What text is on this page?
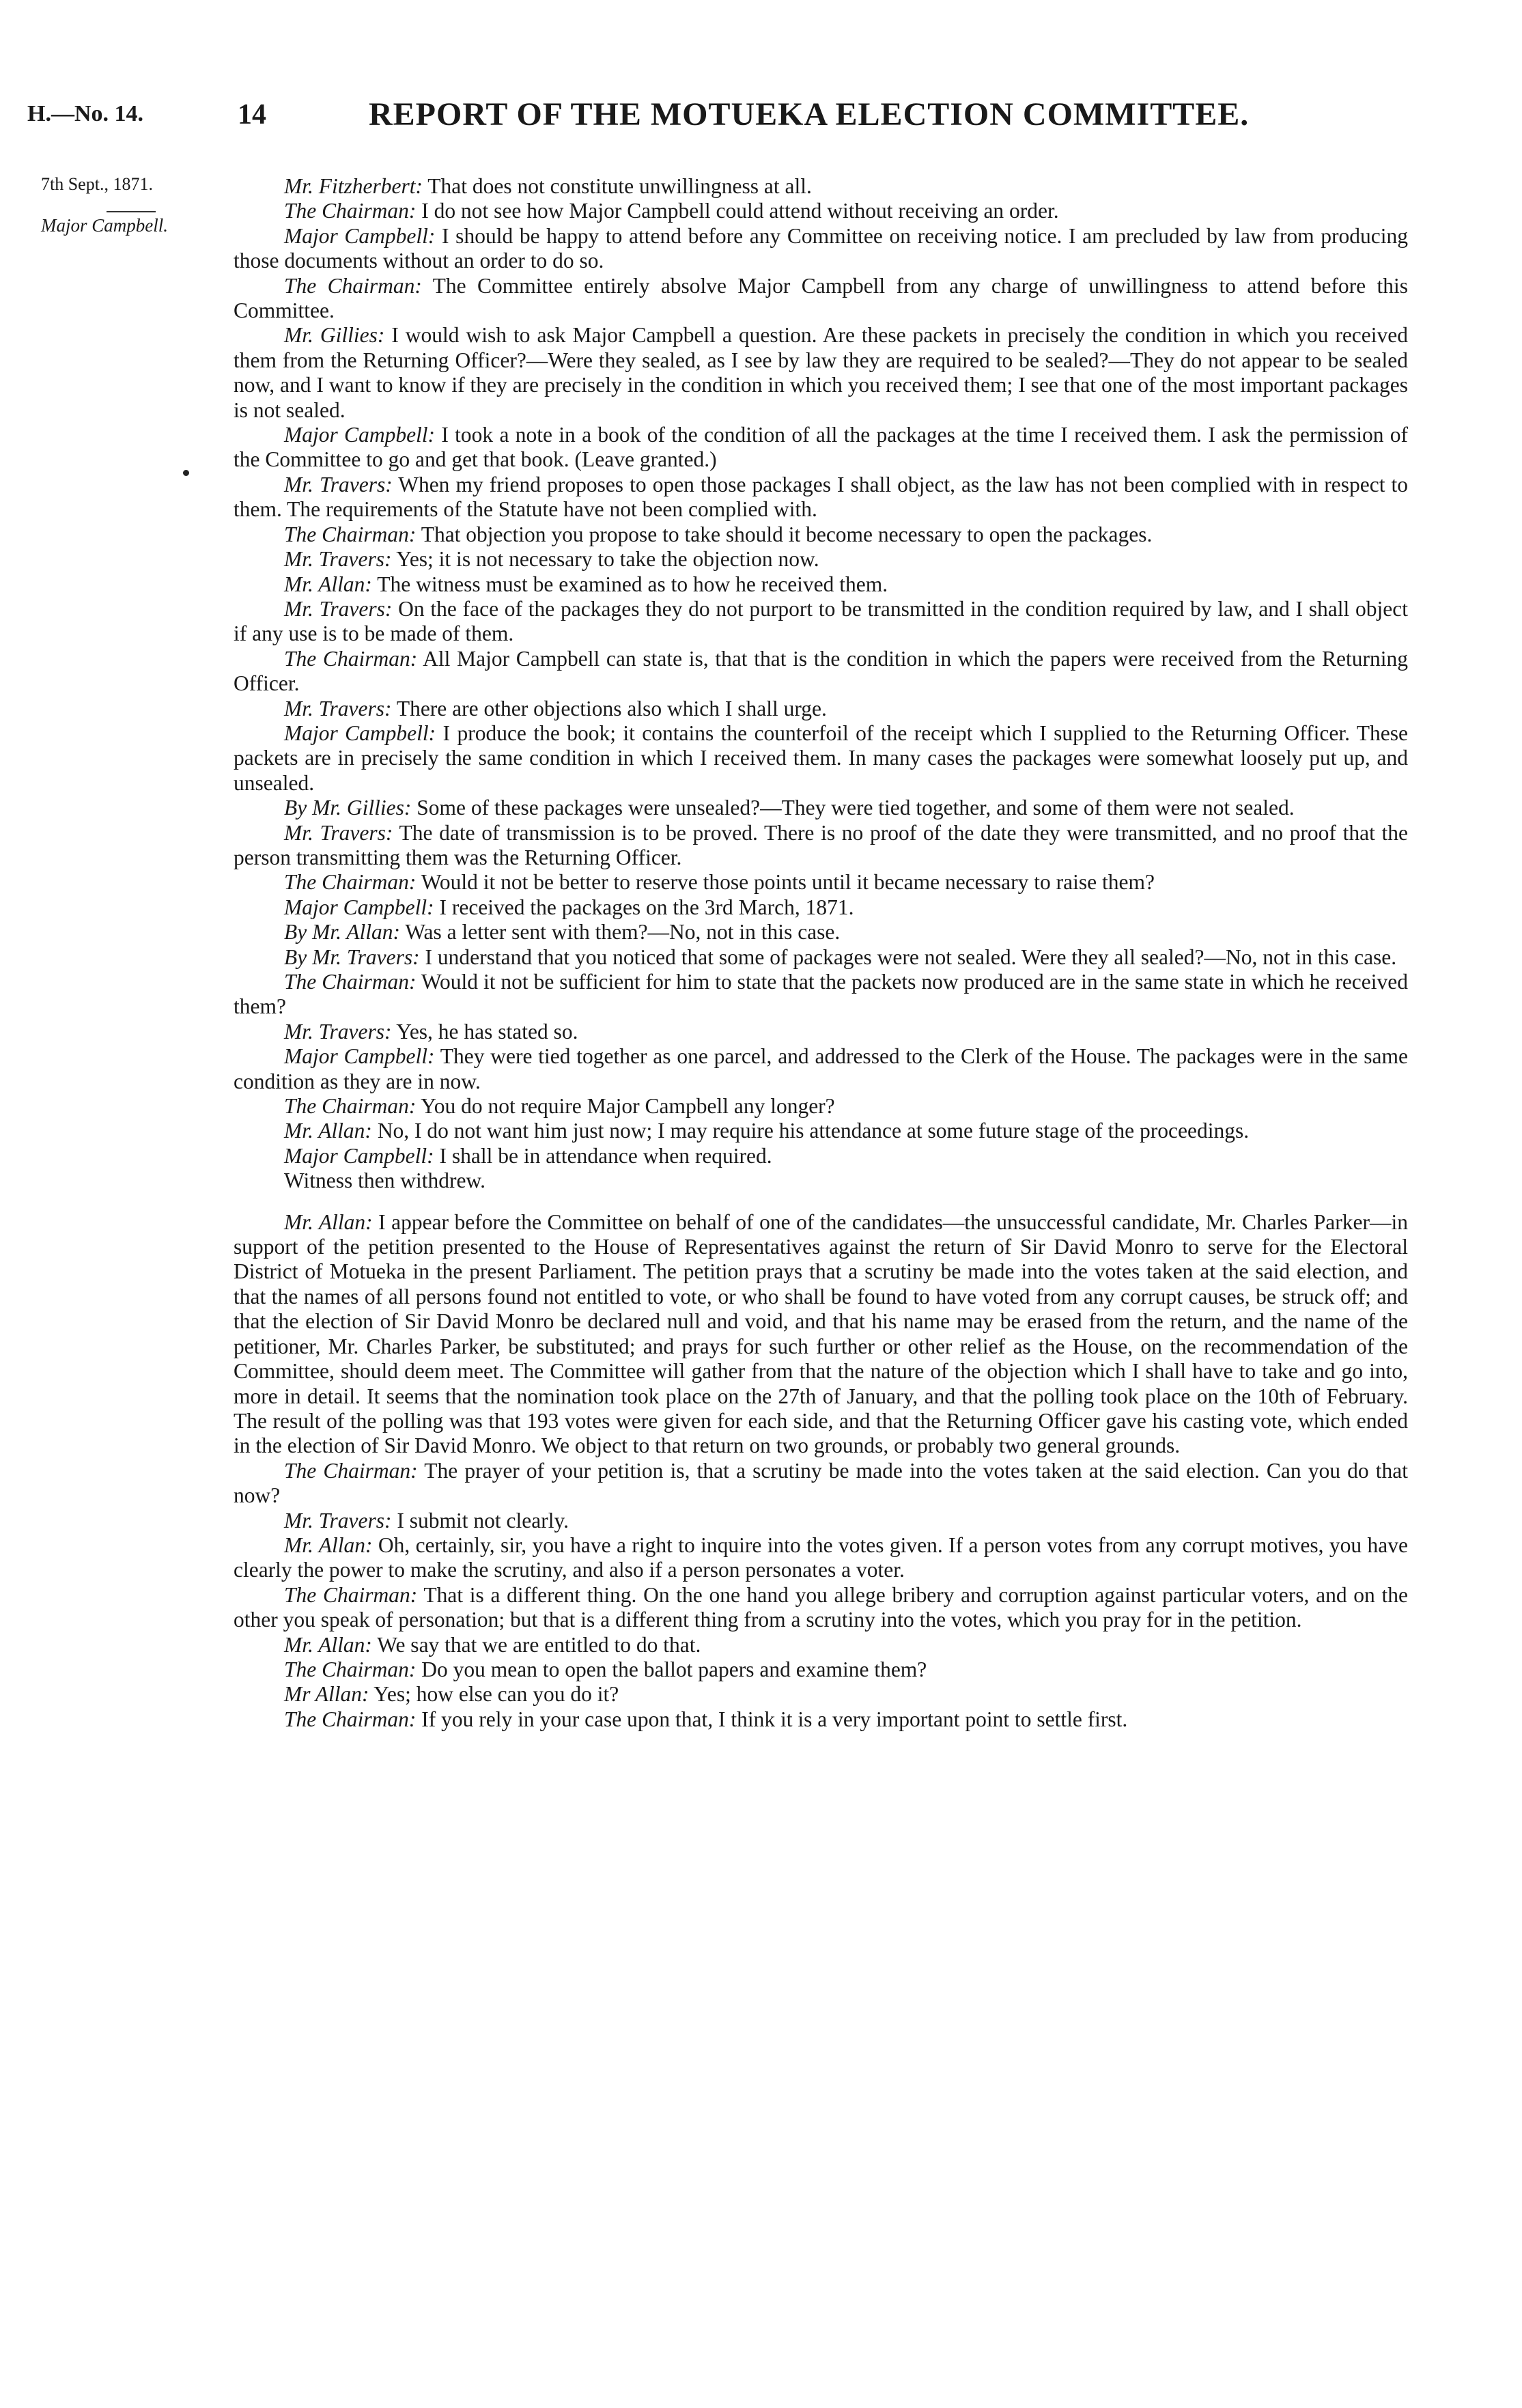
H.—No. 14.	14	REPORT OF THE MOTUEKA ELECTION COMMITTEE.
7th Sept., 1871.
Major Campbell.

Mr. Fitzherbert: That does not constitute unwillingness at all.

The Chairman: I do not see how Major Campbell could attend without receiving an order.

Major Campbell: I should be happy to attend before any Committee on receiving notice. I am precluded by law from producing those documents without an order to do so.

The Chairman: The Committee entirely absolve Major Campbell from any charge of unwillingness to attend before this Committee.

Mr. Gillies: I would wish to ask Major Campbell a question. Are these packets in precisely the condition in which you received them from the Returning Officer?—Were they sealed, as I see by law they are required to be sealed?—They do not appear to be sealed now, and I want to know if they are precisely in the condition in which you received them; I see that one of the most important packages is not sealed.

Major Campbell: I took a note in a book of the condition of all the packages at the time I received them. I ask the permission of the Committee to go and get that book. (Leave granted.)

Mr. Travers: When my friend proposes to open those packages I shall object, as the law has not been complied with in respect to them. The requirements of the Statute have not been complied with.

The Chairman: That objection you propose to take should it become necessary to open the packages.

Mr. Travers: Yes; it is not necessary to take the objection now.

Mr. Allan: The witness must be examined as to how he received them.

Mr. Travers: On the face of the packages they do not purport to be transmitted in the condition required by law, and I shall object if any use is to be made of them.

The Chairman: All Major Campbell can state is, that that is the condition in which the papers were received from the Returning Officer.

Mr. Travers: There are other objections also which I shall urge.

Major Campbell: I produce the book; it contains the counterfoil of the receipt which I supplied to the Returning Officer. These packets are in precisely the same condition in which I received them. In many cases the packages were somewhat loosely put up, and unsealed.

By Mr. Gillies: Some of these packages were unsealed?—They were tied together, and some of them were not sealed.

Mr. Travers: The date of transmission is to be proved. There is no proof of the date they were transmitted, and no proof that the person transmitting them was the Returning Officer.

The Chairman: Would it not be better to reserve those points until it became necessary to raise them?

Major Campbell: I received the packages on the 3rd March, 1871.

By Mr. Allan: Was a letter sent with them?—No, not in this case.

By Mr. Travers: I understand that you noticed that some of packages were not sealed. Were they all sealed?—No, not in this case.

The Chairman: Would it not be sufficient for him to state that the packets now produced are in the same state in which he received them?

Mr. Travers: Yes, he has stated so.

Major Campbell: They were tied together as one parcel, and addressed to the Clerk of the House. The packages were in the same condition as they are in now.

The Chairman: You do not require Major Campbell any longer?

Mr. Allan: No, I do not want him just now; I may require his attendance at some future stage of the proceedings.

Major Campbell: I shall be in attendance when required.

Witness then withdrew.

Mr. Allan: I appear before the Committee on behalf of one of the candidates—the unsuccessful candidate, Mr. Charles Parker—in support of the petition presented to the House of Representatives against the return of Sir David Monro to serve for the Electoral District of Motueka in the present Parliament. The petition prays that a scrutiny be made into the votes taken at the said election, and that the names of all persons found not entitled to vote, or who shall be found to have voted from any corrupt causes, be struck off; and that the election of Sir David Monro be declared null and void, and that his name may be erased from the return, and the name of the petitioner, Mr. Charles Parker, be substituted; and prays for such further or other relief as the House, on the recommendation of the Committee, should deem meet. The Committee will gather from that the nature of the objection which I shall have to take and go into, more in detail. It seems that the nomination took place on the 27th of January, and that the polling took place on the 10th of February. The result of the polling was that 193 votes were given for each side, and that the Returning Officer gave his casting vote, which ended in the election of Sir David Monro. We object to that return on two grounds, or probably two general grounds.

The Chairman: The prayer of your petition is, that a scrutiny be made into the votes taken at the said election. Can you do that now?

Mr. Travers: I submit not clearly.

Mr. Allan: Oh, certainly, sir, you have a right to inquire into the votes given. If a person votes from any corrupt motives, you have clearly the power to make the scrutiny, and also if a person personates a voter.

The Chairman: That is a different thing. On the one hand you allege bribery and corruption against particular voters, and on the other you speak of personation; but that is a different thing from a scrutiny into the votes, which you pray for in the petition.

Mr. Allan: We say that we are entitled to do that.

The Chairman: Do you mean to open the ballot papers and examine them?

Mr Allan: Yes; how else can you do it?

The Chairman: If you rely in your case upon that, I think it is a very important point to settle first.
